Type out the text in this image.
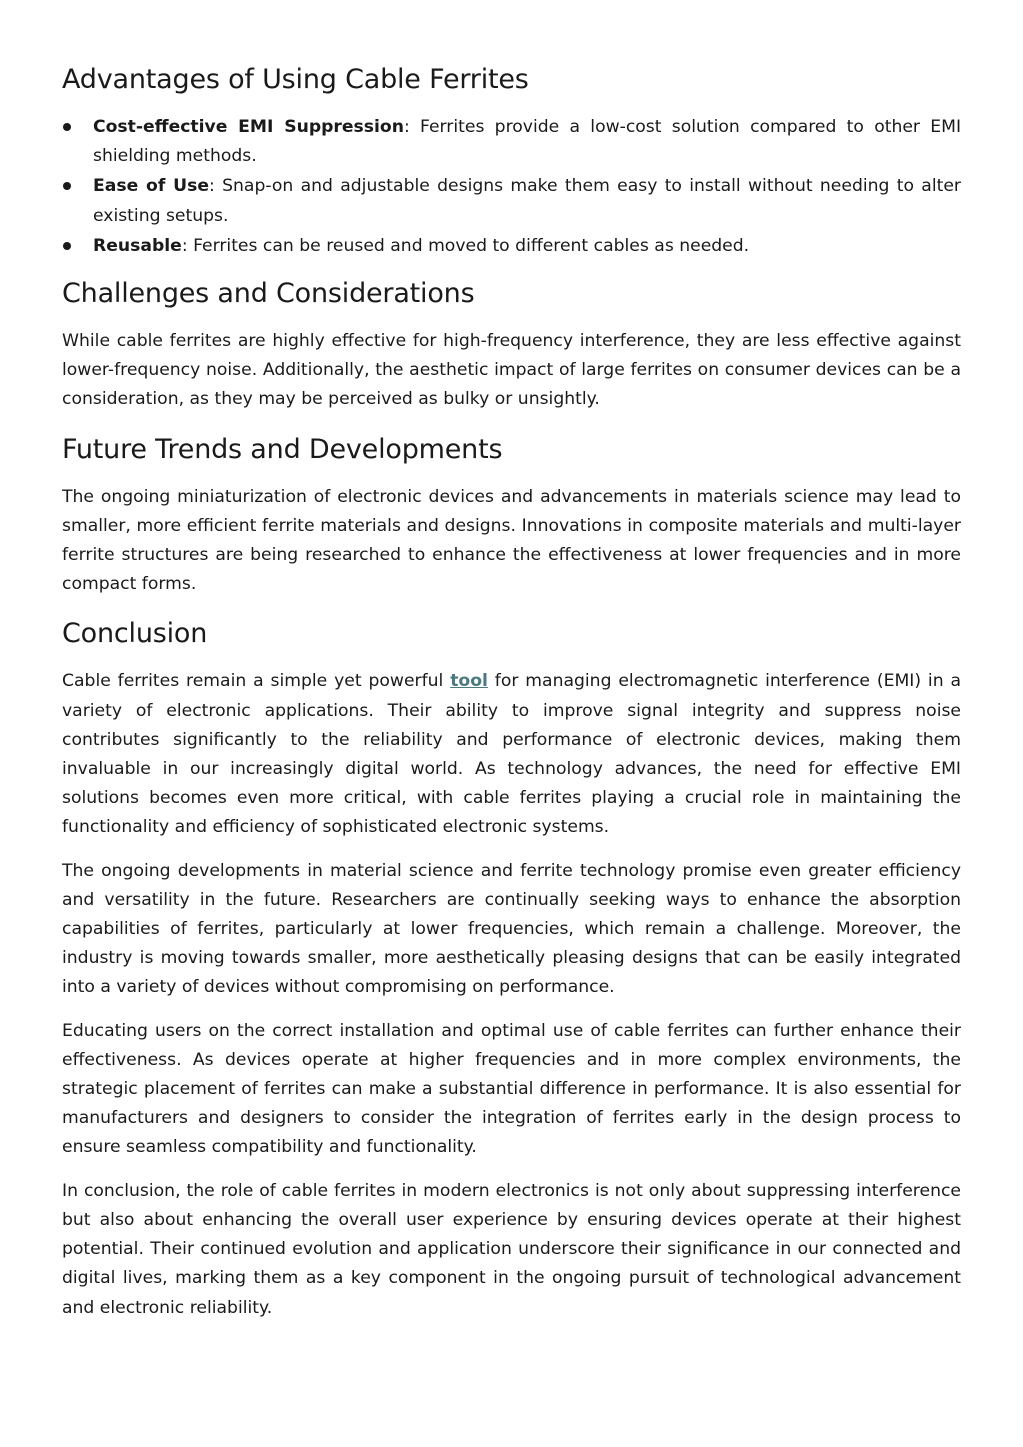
Advantages of Using Cable Ferrites
Cost-effective EMI Suppression: Ferrites provide a low-cost solution compared to other EMI shielding methods.
Ease of Use: Snap-on and adjustable designs make them easy to install without needing to alter existing setups.
Reusable: Ferrites can be reused and moved to different cables as needed.
Challenges and Considerations

While cable ferrites are highly effective for high-frequency interference, they are less effective against lower-frequency noise. Additionally, the aesthetic impact of large ferrites on consumer devices can be a consideration, as they may be perceived as bulky or unsightly.

Future Trends and Developments

The ongoing miniaturization of electronic devices and advancements in materials science may lead to smaller, more efficient ferrite materials and designs. Innovations in composite materials and multi-layer ferrite structures are being researched to enhance the effectiveness at lower frequencies and in more compact forms.

Conclusion

Cable ferrites remain a simple yet powerful tool for managing electromagnetic interference (EMI) in a variety of electronic applications. Their ability to improve signal integrity and suppress noise contributes significantly to the reliability and performance of electronic devices, making them invaluable in our increasingly digital world. As technology advances, the need for effective EMI solutions becomes even more critical, with cable ferrites playing a crucial role in maintaining the functionality and efficiency of sophisticated electronic systems.

The ongoing developments in material science and ferrite technology promise even greater efficiency and versatility in the future. Researchers are continually seeking ways to enhance the absorption capabilities of ferrites, particularly at lower frequencies, which remain a challenge. Moreover, the industry is moving towards smaller, more aesthetically pleasing designs that can be easily integrated into a variety of devices without compromising on performance.

Educating users on the correct installation and optimal use of cable ferrites can further enhance their effectiveness. As devices operate at higher frequencies and in more complex environments, the strategic placement of ferrites can make a substantial difference in performance. It is also essential for manufacturers and designers to consider the integration of ferrites early in the design process to ensure seamless compatibility and functionality.

In conclusion, the role of cable ferrites in modern electronics is not only about suppressing interference but also about enhancing the overall user experience by ensuring devices operate at their highest potential. Their continued evolution and application underscore their significance in our connected and digital lives, marking them as a key component in the ongoing pursuit of technological advancement and electronic reliability.
